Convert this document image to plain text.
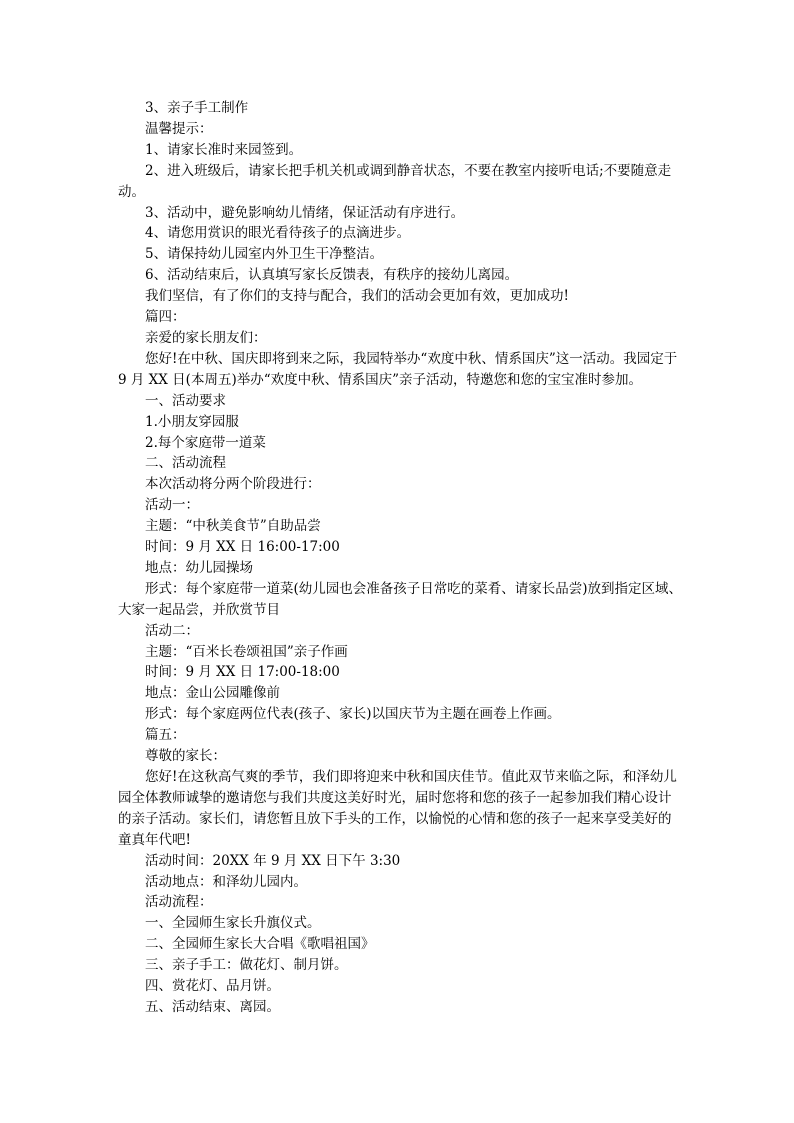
3、亲子手工制作

温馨提示：

1、请家长准时来园签到。

2、进入班级后，请家长把手机关机或调到静音状态，不要在教室内接听电话;不要随意走动。

3、活动中，避免影响幼儿情绪，保证活动有序进行。

4、请您用赏识的眼光看待孩子的点滴进步。

5、请保持幼儿园室内外卫生干净整洁。

6、活动结束后，认真填写家长反馈表，有秩序的接幼儿离园。

我们坚信，有了你们的支持与配合，我们的活动会更加有效，更加成功!

篇四：

亲爱的家长朋友们：

您好!在中秋、国庆即将到来之际，我园特举办“欢度中秋、情系国庆”这一活动。我园定于 9 月 XX 日(本周五)举办“欢度中秋、情系国庆”亲子活动，特邀您和您的宝宝准时参加。

一、活动要求

1.小朋友穿园服

2.每个家庭带一道菜

二、活动流程

本次活动将分两个阶段进行：

活动一：

主题：“中秋美食节”自助品尝

时间：9 月 XX 日 16:00-17:00

地点：幼儿园操场

形式：每个家庭带一道菜(幼儿园也会准备孩子日常吃的菜肴、请家长品尝)放到指定区域、大家一起品尝，并欣赏节目

活动二：

主题：“百米长卷颂祖国”亲子作画

时间：9 月 XX 日 17:00-18:00

地点：金山公园雕像前

形式：每个家庭两位代表(孩子、家长)以国庆节为主题在画卷上作画。

篇五：

尊敬的家长：

您好!在这秋高气爽的季节，我们即将迎来中秋和国庆佳节。值此双节来临之际，和泽幼儿园全体教师诚挚的邀请您与我们共度这美好时光，届时您将和您的孩子一起参加我们精心设计的亲子活动。家长们，请您暂且放下手头的工作，以愉悦的心情和您的孩子一起来享受美好的童真年代吧!

活动时间：20XX 年 9 月 XX 日下午 3:30

活动地点：和泽幼儿园内。

活动流程：

一、全园师生家长升旗仪式。

二、全园师生家长大合唱《歌唱祖国》

三、亲子手工：做花灯、制月饼。

四、赏花灯、品月饼。

五、活动结束、离园。
